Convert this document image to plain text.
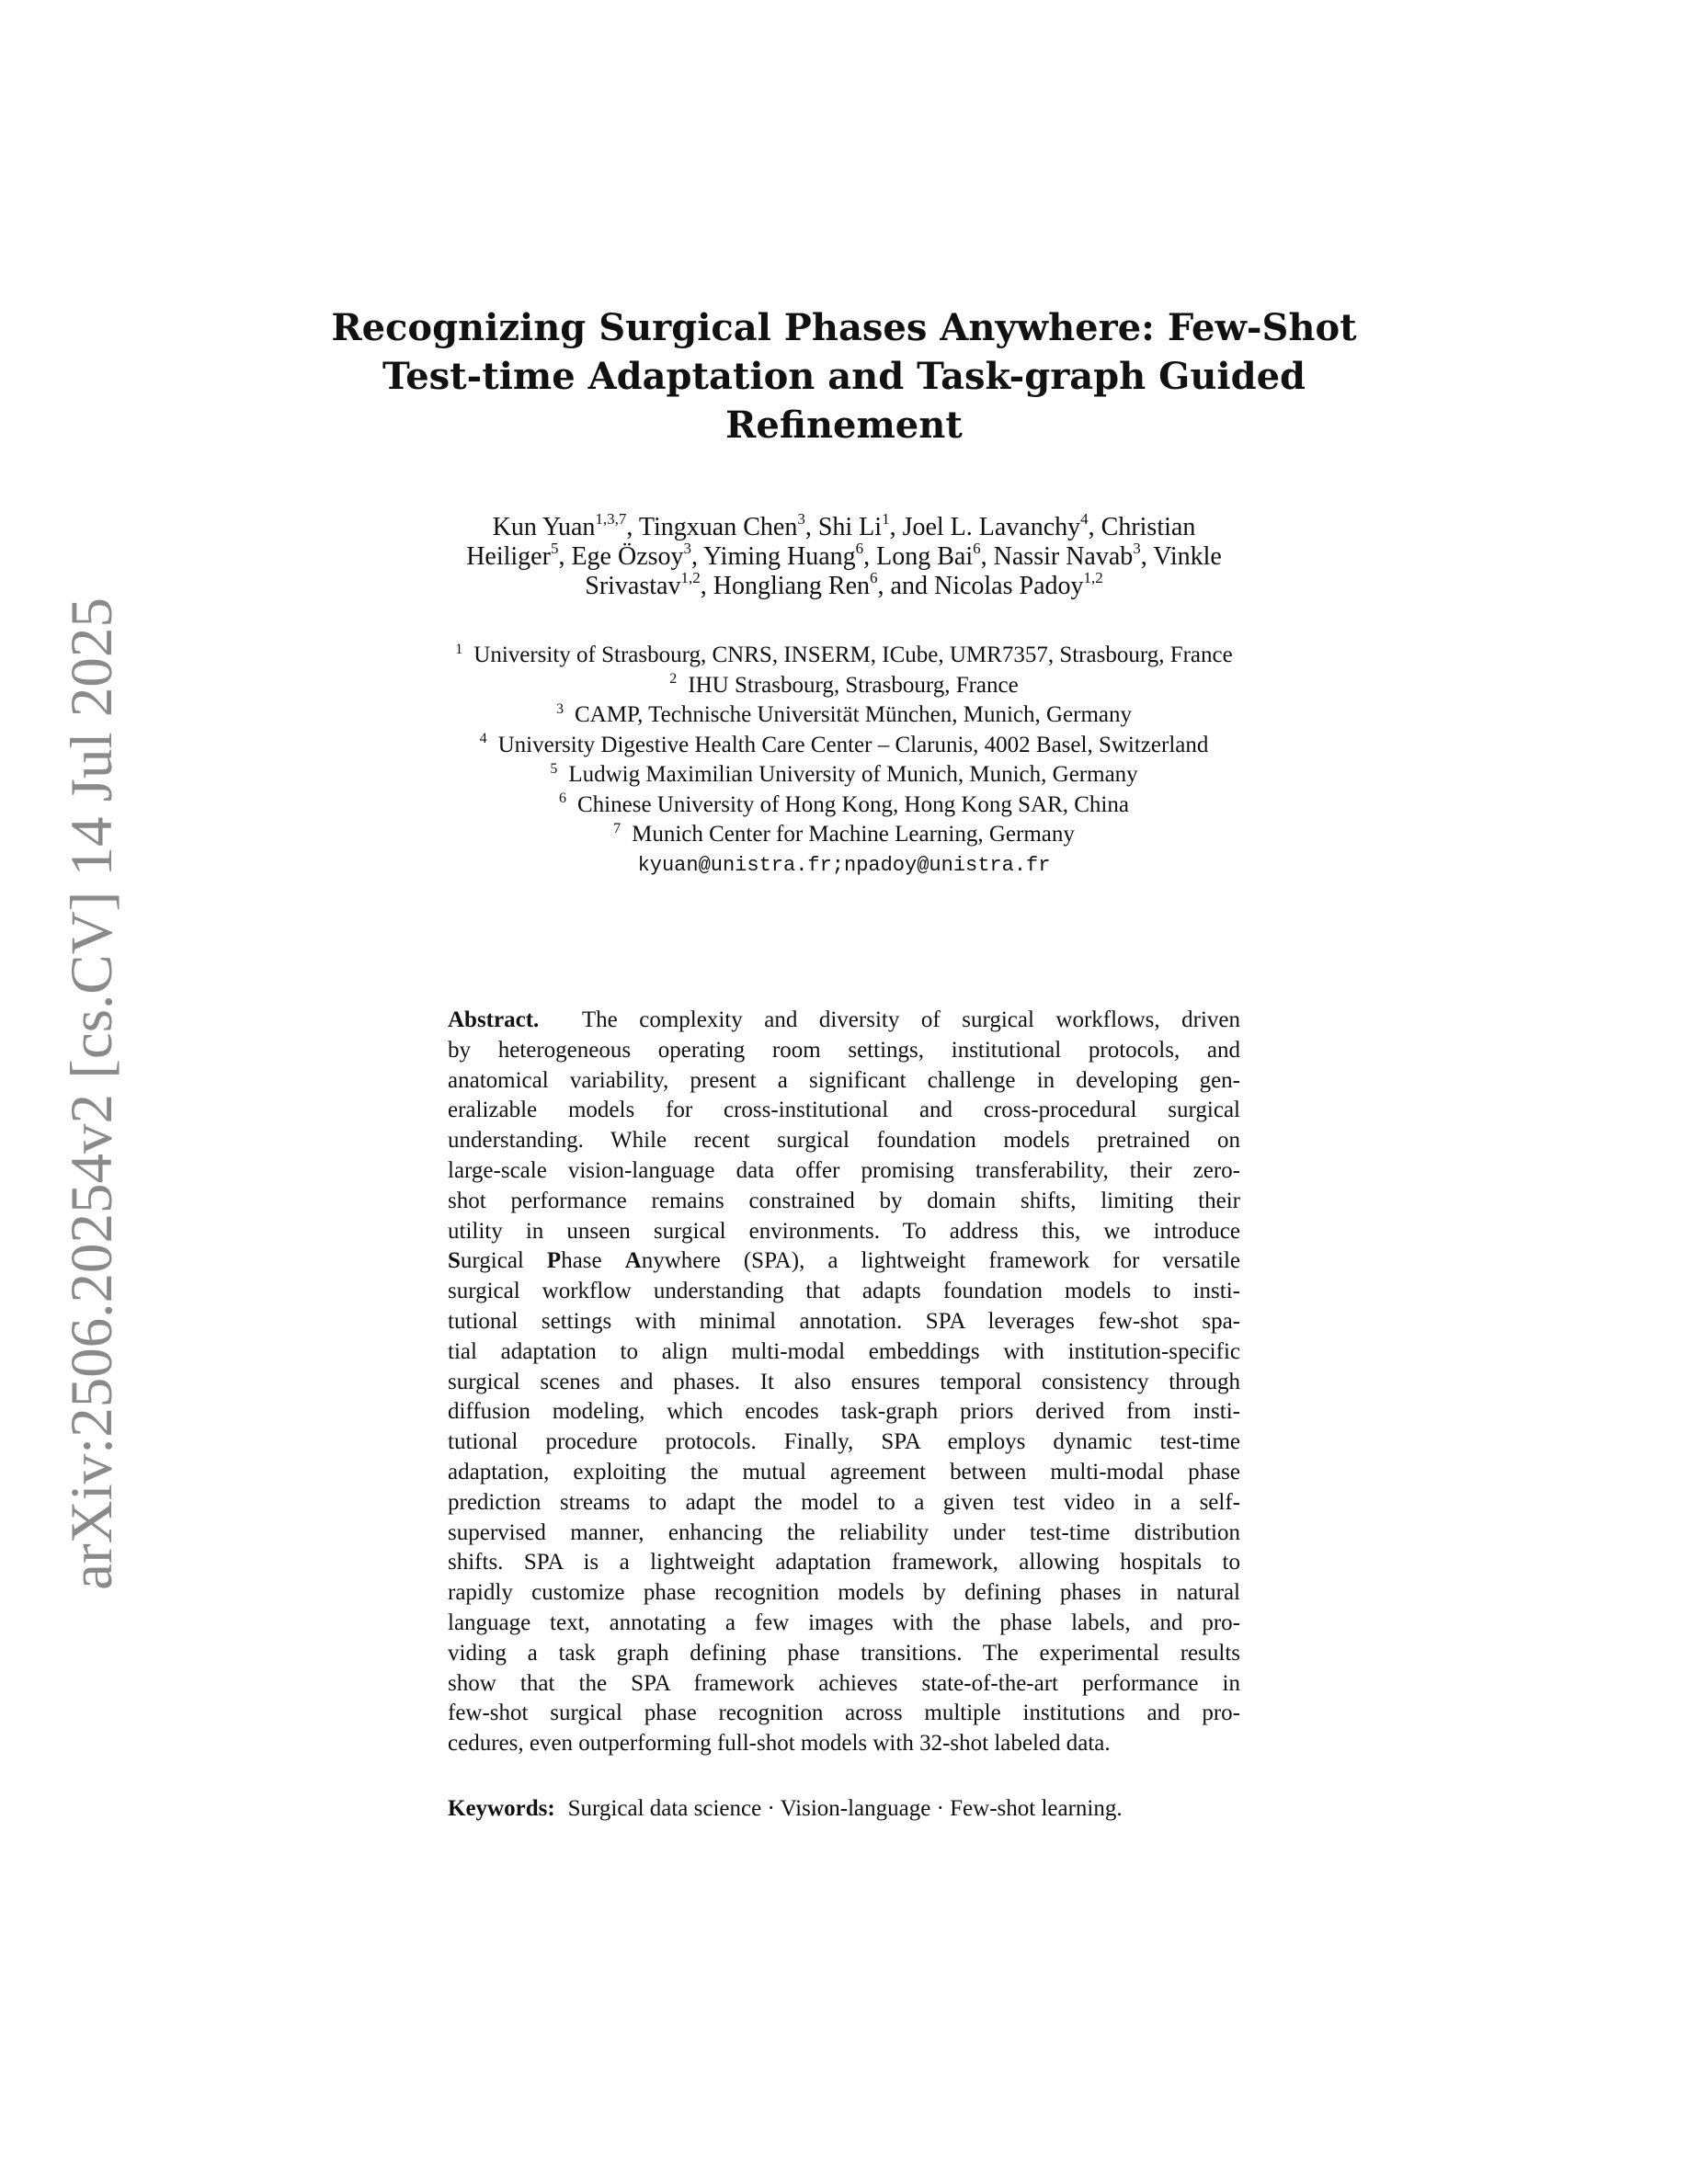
arXiv:2506.20254v2 [cs.CV] 14 Jul 2025
Recognizing Surgical Phases Anywhere: Few-Shot
Test-time Adaptation and Task-graph Guided
Refinement
Kun Yuan$^{1,3,7}$, Tingxuan Chen$^3$, Shi Li$^1$, Joel L. Lavanchy$^4$, Christian
Heiliger$^5$, Ege Özsoy$^3$, Yiming Huang$^6$, Long Bai$^6$, Nassir Navab$^3$, Vinkle
Srivastav$^{1,2}$, Hongliang Ren$^6$, and Nicolas Padoy$^{1,2}$
$^1$ University of Strasbourg, CNRS, INSERM, ICube, UMR7357, Strasbourg, France
$^2$ IHU Strasbourg, Strasbourg, France
$^3$ CAMP, Technische Universität München, Munich, Germany
$^4$ University Digestive Health Care Center – Clarunis, 4002 Basel, Switzerland
$^5$ Ludwig Maximilian University of Munich, Munich, Germany
$^6$ Chinese University of Hong Kong, Hong Kong SAR, China
$^7$ Munich Center for Machine Learning, Germany
kyuan@unistra.fr;npadoy@unistra.fr
Abstract. The complexity and diversity of surgical workflows, driven
by heterogeneous operating room settings, institutional protocols, and
anatomical variability, present a significant challenge in developing gen-
eralizable models for cross-institutional and cross-procedural surgical
understanding. While recent surgical foundation models pretrained on
large-scale vision-language data offer promising transferability, their zero-
shot performance remains constrained by domain shifts, limiting their
utility in unseen surgical environments. To address this, we introduce
Surgical Phase Anywhere (SPA), a lightweight framework for versatile
surgical workflow understanding that adapts foundation models to insti-
tutional settings with minimal annotation. SPA leverages few-shot spa-
tial adaptation to align multi-modal embeddings with institution-specific
surgical scenes and phases. It also ensures temporal consistency through
diffusion modeling, which encodes task-graph priors derived from insti-
tutional procedure protocols. Finally, SPA employs dynamic test-time
adaptation, exploiting the mutual agreement between multi-modal phase
prediction streams to adapt the model to a given test video in a self-
supervised manner, enhancing the reliability under test-time distribution
shifts. SPA is a lightweight adaptation framework, allowing hospitals to
rapidly customize phase recognition models by defining phases in natural
language text, annotating a few images with the phase labels, and pro-
viding a task graph defining phase transitions. The experimental results
show that the SPA framework achieves state-of-the-art performance in
few-shot surgical phase recognition across multiple institutions and pro-
cedures, even outperforming full-shot models with 32-shot labeled data.
Keywords: Surgical data science · Vision-language · Few-shot learning.
